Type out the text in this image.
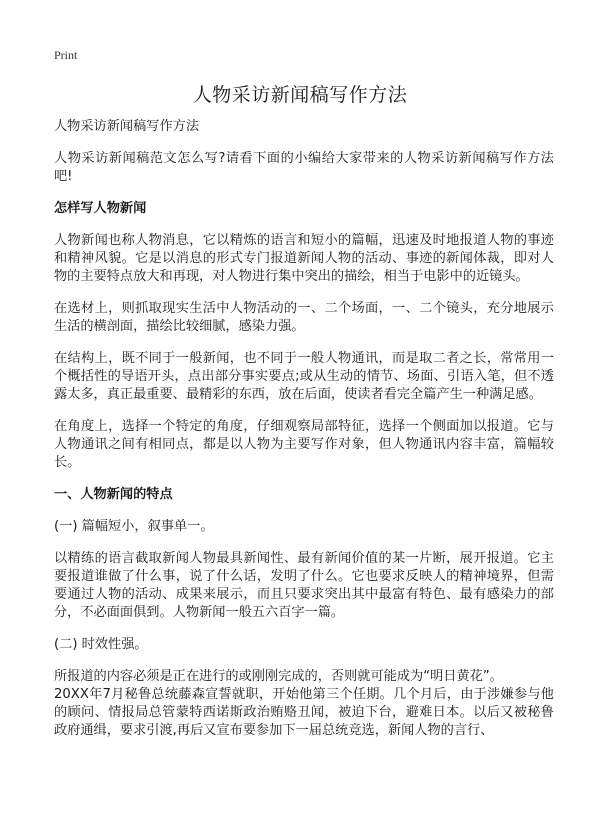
Print
人物采访新闻稿写作方法

人物采访新闻稿写作方法

人物采访新闻稿范文怎么写?请看下面的小编给大家带来的人物采访新闻稿写作方法吧!

怎样写人物新闻

人物新闻也称人物消息，它以精炼的语言和短小的篇幅，迅速及时地报道人物的事迹和精神风貌。它是以消息的形式专门报道新闻人物的活动、事迹的新闻体裁，即对人物的主要特点放大和再现，对人物进行集中突出的描绘，相当于电影中的近镜头。

在选材上，则抓取现实生活中人物活动的一、二个场面，一、二个镜头，充分地展示生活的横剖面，描绘比较细腻，感染力强。

在结构上，既不同于一般新闻，也不同于一般人物通讯，而是取二者之长，常常用一个概括性的导语开头，点出部分事实要点;或从生动的情节、场面、引语入笔，但不透露太多，真正最重要、最精彩的东西，放在后面，使读者看完全篇产生一种满足感。

在角度上，选择一个特定的角度，仔细观察局部特征，选择一个侧面加以报道。它与人物通讯之间有相同点，都是以人物为主要写作对象，但人物通讯内容丰富，篇幅较长。

一、人物新闻的特点

(一) 篇幅短小，叙事单一。

以精练的语言截取新闻人物最具新闻性、最有新闻价值的某一片断，展开报道。它主要报道谁做了什么事，说了什么话，发明了什么。它也要求反映人的精神境界，但需要通过人物的活动、成果来展示，而且只要求突出其中最富有特色、最有感染力的部分，不必面面俱到。人物新闻一般五六百字一篇。

(二) 时效性强。

所报道的内容必须是正在进行的或刚刚完成的，否则就可能成为“明日黄花”。

20XX年7月秘鲁总统藤森宣誓就职，开始他第三个任期。几个月后，由于涉嫌参与他的顾问、情报局总管蒙特西诺斯政治贿赂丑闻，被迫下台，避难日本。以后又被秘鲁政府通缉，要求引渡,再后又宣布要参加下一届总统竞选，新闻人物的言行、
